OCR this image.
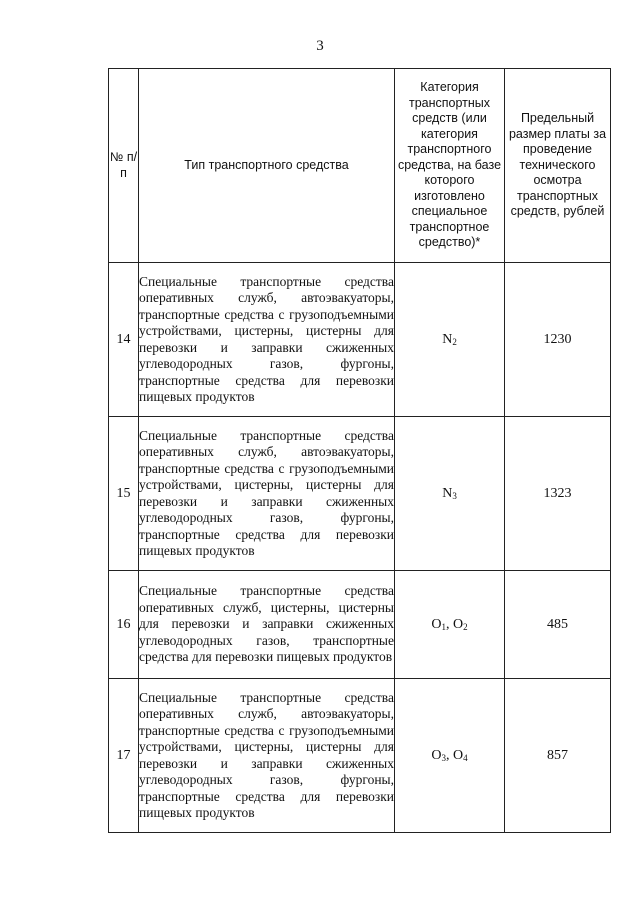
3
№ п/п	Тип транспортного средства	Категория транспортных средств (или категория транспортного средства, на базе которого изготовлено специальное транспортное средство)*	Предельный размер платы за проведение технического осмотра транспортных средств, рублей
14	Специальные транспортные средства оперативных служб, автоэвакуаторы, транспортные средства с грузоподъемными устройствами, цистерны, цистерны для перевозки и заправки сжиженных углеводородных газов, фургоны, транспортные средства для перевозки пищевых продуктов	$N_2$	1230
15	Специальные транспортные средства оперативных служб, автоэвакуаторы, транспортные средства с грузоподъемными устройствами, цистерны, цистерны для перевозки и заправки сжиженных углеводородных газов, фургоны, транспортные средства для перевозки пищевых продуктов	$N_3$	1323
16	Специальные транспортные средства оперативных служб, цистерны, цистерны для перевозки и заправки сжиженных углеводородных газов, транспортные средства для перевозки пищевых продуктов	$O_1$, $O_2$	485
17	Специальные транспортные средства оперативных служб, автоэвакуаторы, транспортные средства с грузоподъемными устройствами, цистерны, цистерны для перевозки и заправки сжиженных углеводородных газов, фургоны, транспортные средства для перевозки пищевых продуктов	$O_3$, $O_4$	857
